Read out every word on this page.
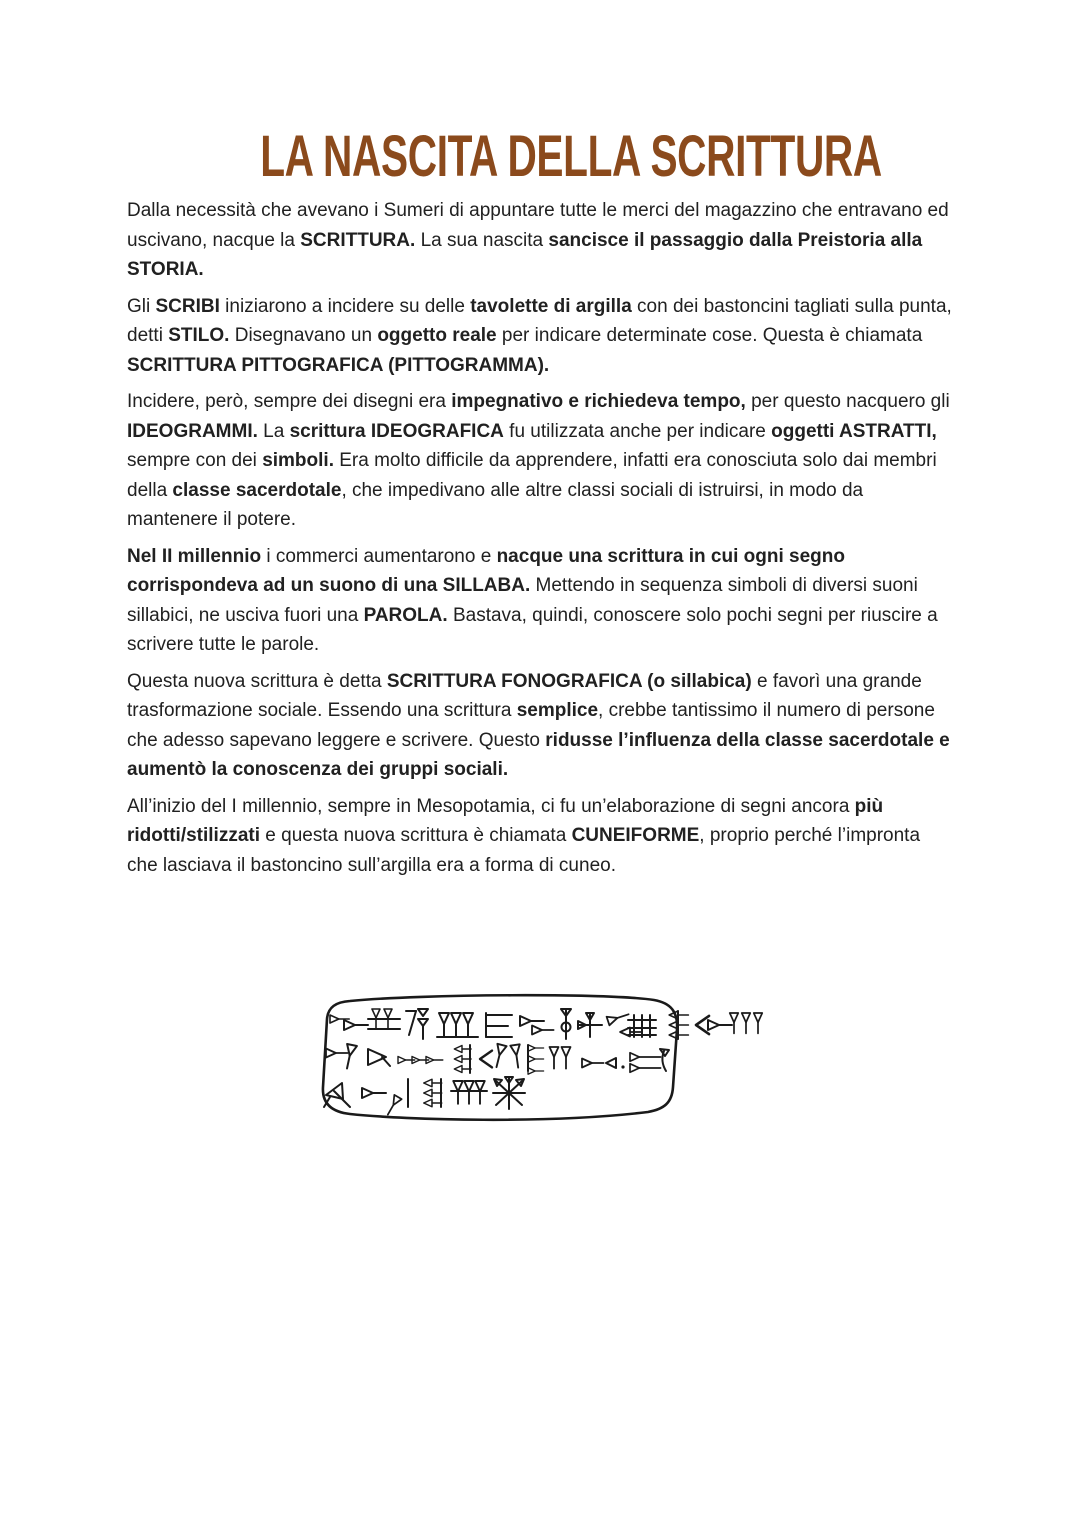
LA NASCITA DELLA SCRITTURA

Dalla necessità che avevano i Sumeri di appuntare tutte le merci del magazzino che entravano ed uscivano, nacque la SCRITTURA. La sua nascita sancisce il passaggio dalla Preistoria alla STORIA.

Gli SCRIBI iniziarono a incidere su delle tavolette di argilla con dei bastoncini tagliati sulla punta, detti STILO. Disegnavano un oggetto reale per indicare determinate cose. Questa è chiamata SCRITTURA PITTOGRAFICA (PITTOGRAMMA).

Incidere, però, sempre dei disegni era impegnativo e richiedeva tempo, per questo nacquero gli IDEOGRAMMI. La scrittura IDEOGRAFICA fu utilizzata anche per indicare oggetti ASTRATTI, sempre con dei simboli. Era molto difficile da apprendere, infatti era conosciuta solo dai membri della classe sacerdotale, che impedivano alle altre classi sociali di istruirsi, in modo da mantenere il potere.

Nel II millennio i commerci aumentarono e nacque una scrittura in cui ogni segno corrispondeva ad un suono di una SILLABA. Mettendo in sequenza simboli di diversi suoni sillabici, ne usciva fuori una PAROLA. Bastava, quindi, conoscere solo pochi segni per riuscire a scrivere tutte le parole.

Questa nuova scrittura è detta SCRITTURA FONOGRAFICA (o sillabica) e favorì una grande trasformazione sociale. Essendo una scrittura semplice, crebbe tantissimo il numero di persone che adesso sapevano leggere e scrivere. Questo ridusse l’influenza della classe sacerdotale e aumentò la conoscenza dei gruppi sociali.

All’inizio del I millennio, sempre in Mesopotamia, ci fu un’elaborazione di segni ancora più ridotti/stilizzati e questa nuova scrittura è chiamata CUNEIFORME, proprio perché l’impronta che lasciava il bastoncino sull’argilla era a forma di cuneo.
